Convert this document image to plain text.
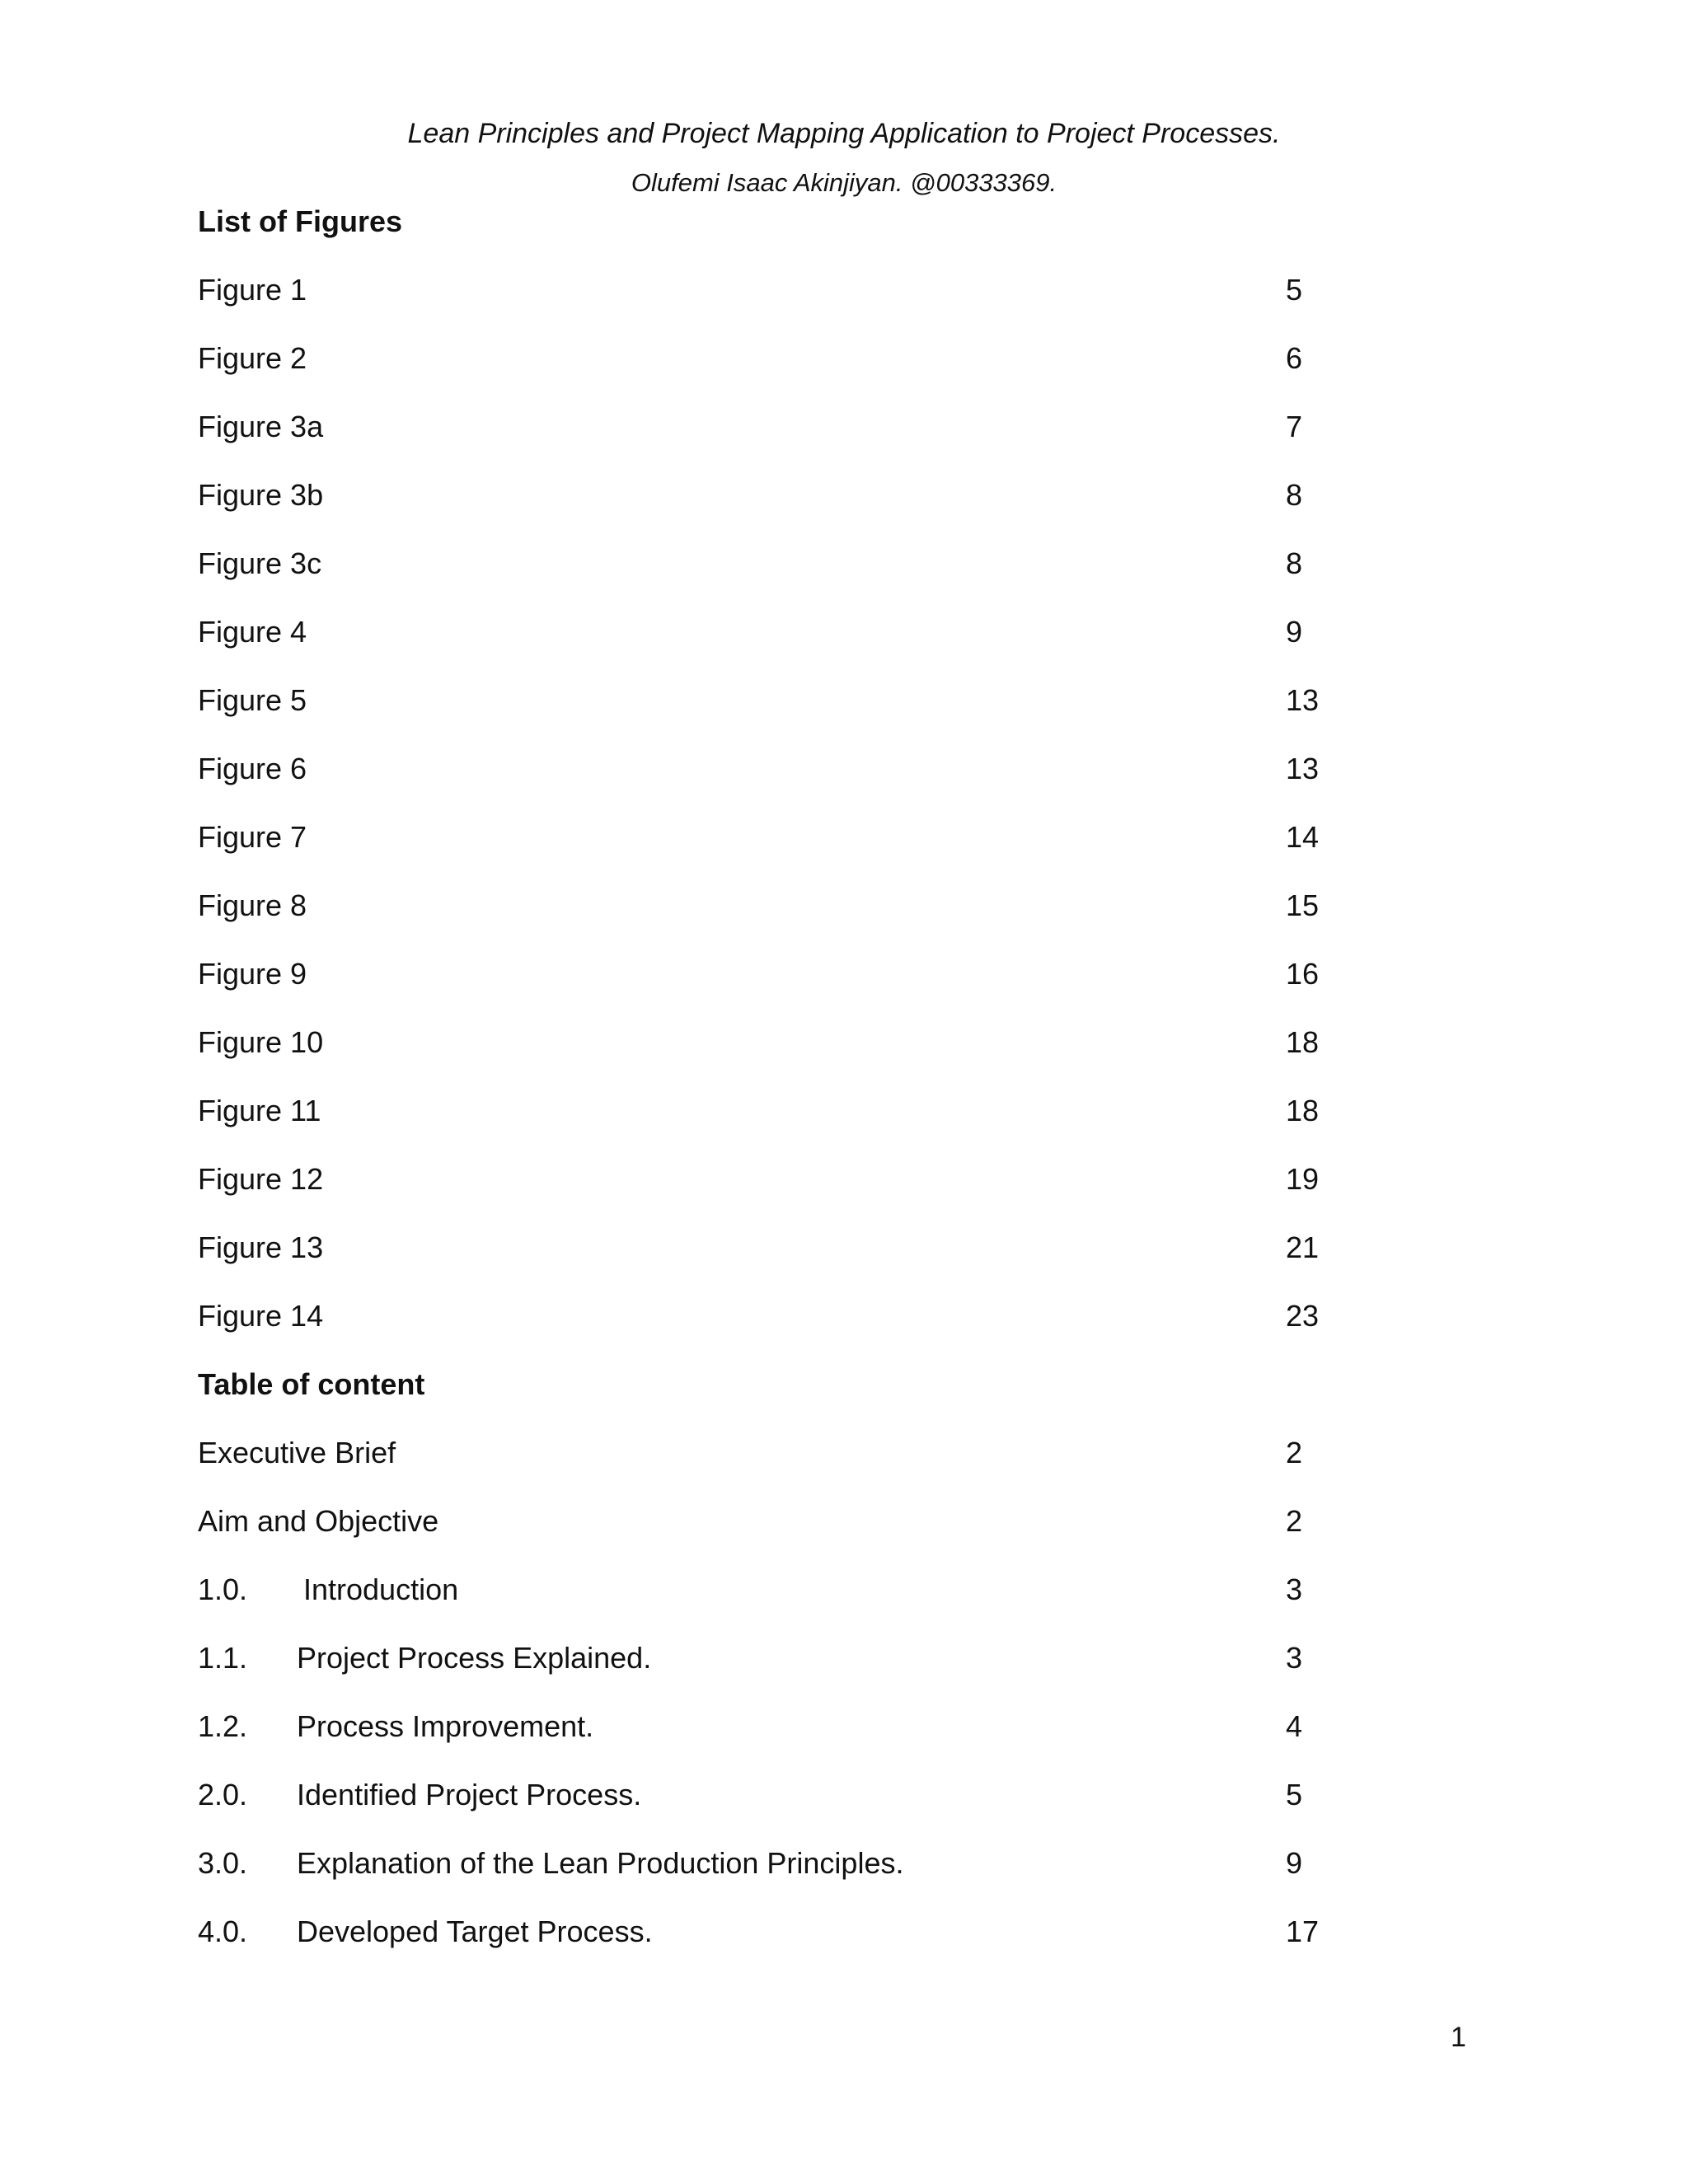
Lean Principles and Project Mapping Application to Project Processes.
Olufemi Isaac Akinjiyan. @00333369.
List of Figures
Figure 1	5
Figure 2	6
Figure 3a	7
Figure 3b	8
Figure 3c	8
Figure 4	9
Figure 5	13
Figure 6	13
Figure 7	14
Figure 8	15
Figure 9	16
Figure 10	18
Figure 11	18
Figure 12	19
Figure 13	21
Figure 14	23
Table of content
Executive Brief	2
Aim and Objective	2
1.0.Introduction	3
1.1. Project Process Explained.	3
1.2. Process Improvement.	4
2.0. Identified Project Process.	5
3.0. Explanation of the Lean Production Principles.	9
4.0. Developed Target Process.	17
1
